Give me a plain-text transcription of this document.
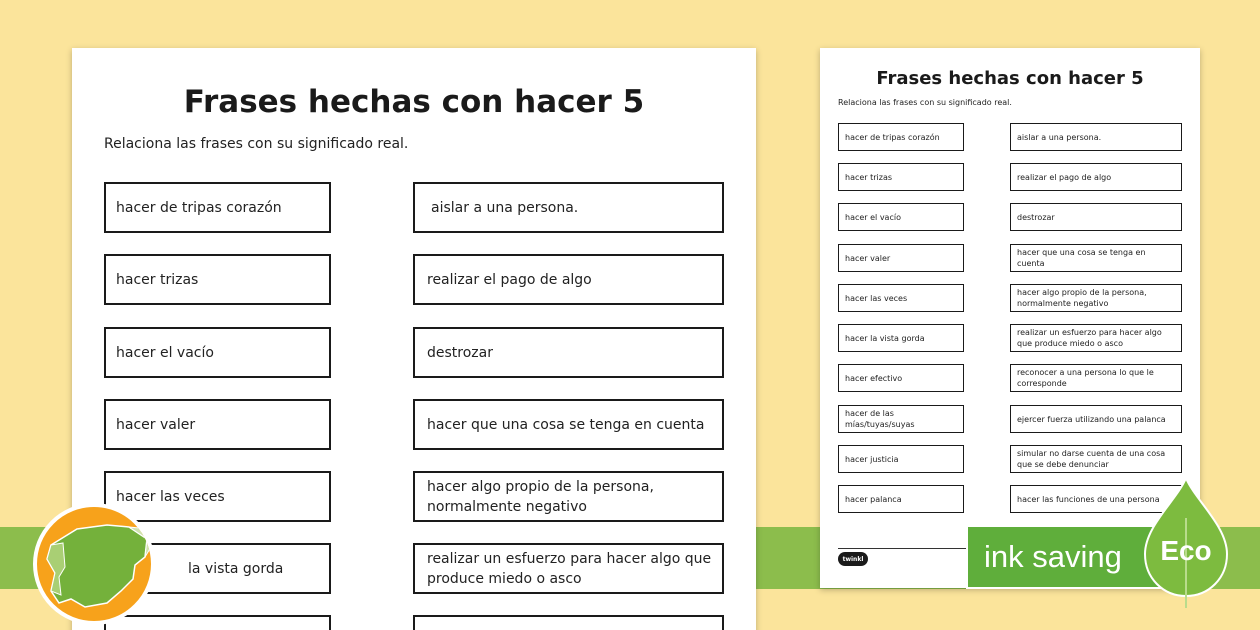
Frases hechas con hacer 5
Relaciona las frases con su significado real.
hacer de tripas corazón
hacer trizas
hacer el vacío
hacer valer
hacer las veces
la vista gorda
aislar a una persona.
realizar el pago de algo
destrozar
hacer que una cosa se tenga en cuenta
hacer algo propio de la persona, normalmente negativo
realizar un esfuerzo para hacer algo que produce miedo o asco
Frases hechas con hacer 5
Relaciona las frases con su significado real.
hacer de tripas corazón
hacer trizas
hacer el vacío
hacer valer
hacer las veces
hacer la vista gorda
hacer efectivo
hacer de las mías/tuyas/suyas
hacer justicia
hacer palanca
aislar a una persona.
realizar el pago de algo
destrozar
hacer que una cosa se tenga en cuenta
hacer algo propio de la persona, normalmente negativo
realizar un esfuerzo para hacer algo que produce miedo o asco
reconocer a una persona lo que le corresponde
ejercer fuerza utilizando una palanca
simular no darse cuenta de una cosa que se debe denunciar
hacer las funciones de una persona
twinkl	ink saving	Eco
